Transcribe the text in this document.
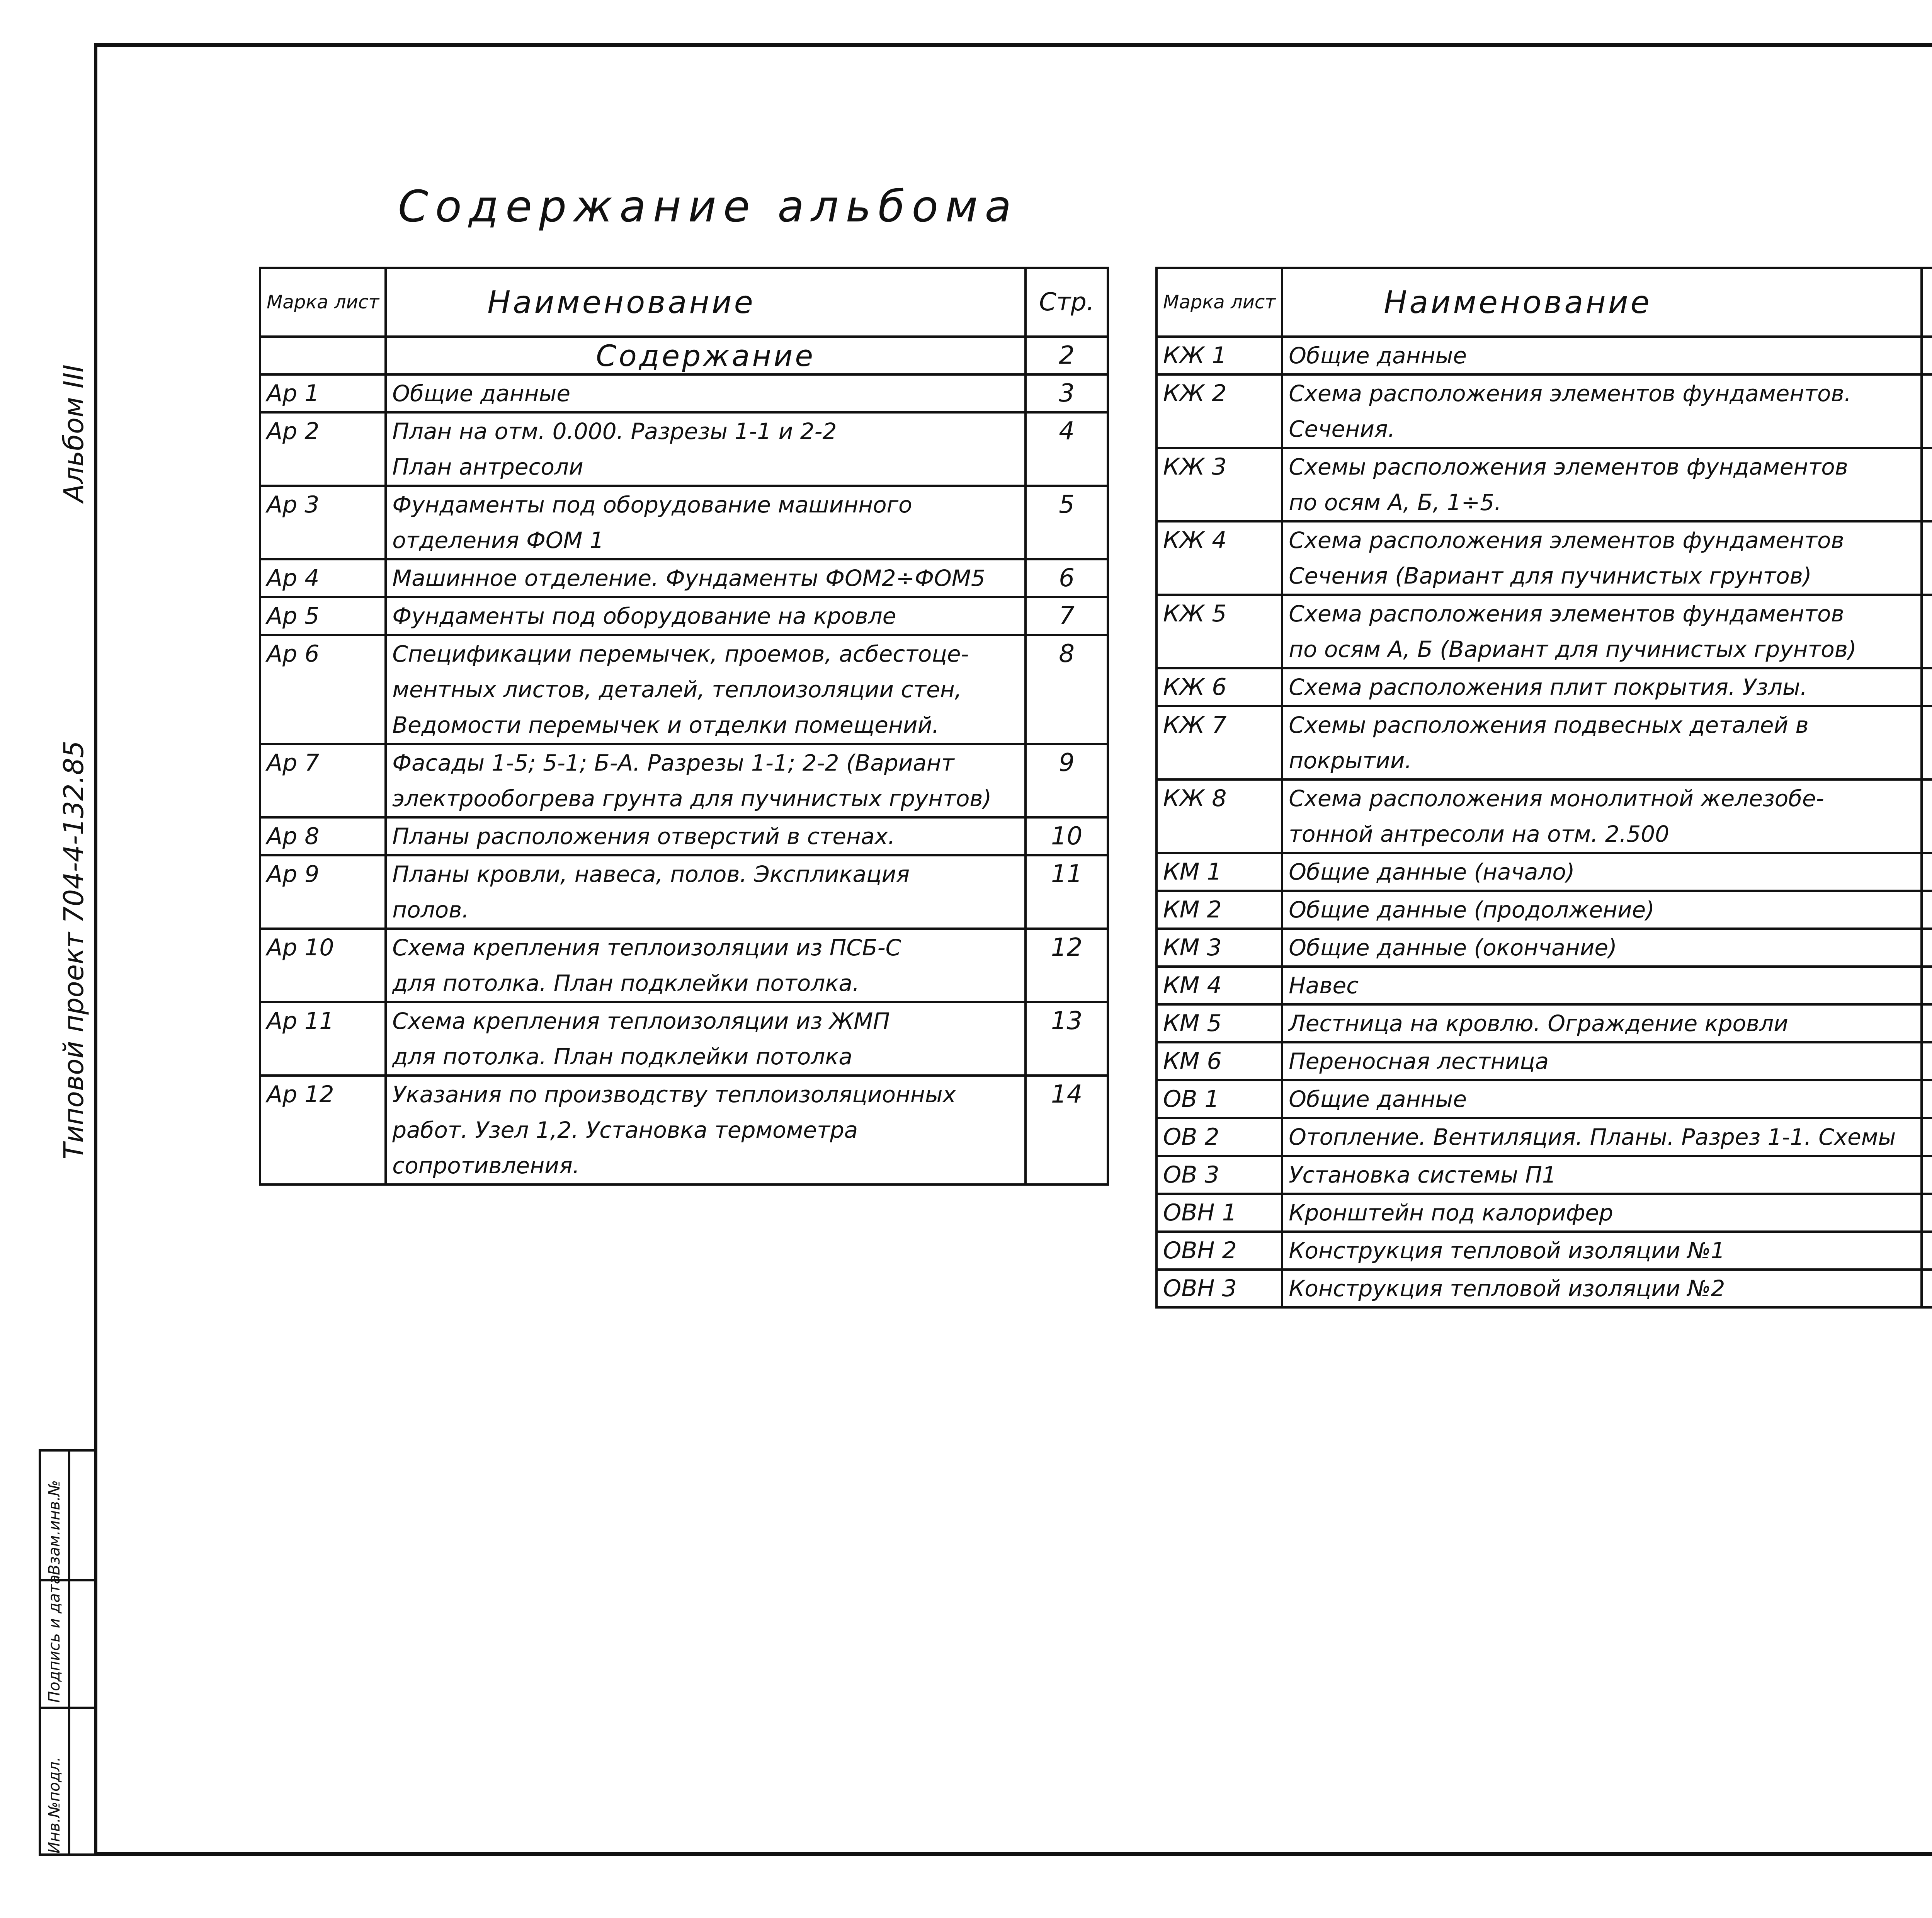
Содержание альбома
Альбом III
Типовой проект 704-4-132.85
Инв.№подл.
Подпись и дата
Взам.инв.№
Марка лист	Наименование	Стр.
	Содержание	2
Ар 1	Общие данные	3
Ар 2	План на отм. 0.000. Разрезы 1-1 и 2-2	4
	План антресоли	
Ар 3	Фундаменты под оборудование машинного	5
	отделения ФОМ 1	
Ар 4	Машинное отделение. Фундаменты ФОМ2÷ФОМ5	6
Ар 5	Фундаменты под оборудование на кровле	7
Ар 6	Спецификации перемычек, проемов, асбестоце-	8
	ментных листов, деталей, теплоизоляции стен,	
	Ведомости перемычек и отделки помещений.	
Ар 7	Фасады 1-5; 5-1; Б-А. Разрезы 1-1; 2-2 (Вариант	9
	электрообогрева грунта для пучинистых грунтов)	
Ар 8	Планы расположения отверстий в стенах.	10
Ар 9	Планы кровли, навеса, полов. Экспликация	11
	полов.	
Ар 10	Схема крепления теплоизоляции из ПСБ-С	12
	для потолка. План подклейки потолка.	
Ар 11	Схема крепления теплоизоляции из ЖМП	13
	для потолка. План подклейки потолка	
Ар 12	Указания по производству теплоизоляционных	14
	работ. Узел 1,2. Установка термометра	
	сопротивления.	
Марка лист	Наименование	
КЖ 1	Общие данные	
КЖ 2	Схема расположения элементов фундаментов.	
	Сечения.	
КЖ 3	Схемы расположения элементов фундаментов	
	по осям А, Б, 1÷5.	
КЖ 4	Схема расположения элементов фундаментов	
	Сечения (Вариант для пучинистых грунтов)	
КЖ 5	Схема расположения элементов фундаментов	
	по осям А, Б (Вариант для пучинистых грунтов)	
КЖ 6	Схема расположения плит покрытия. Узлы.	
КЖ 7	Схемы расположения подвесных деталей в	
	покрытии.	
КЖ 8	Схема расположения монолитной железобе-	
	тонной антресоли на отм. 2.500	
КМ 1	Общие данные (начало)	
КМ 2	Общие данные (продолжение)	
КМ 3	Общие данные (окончание)	
КМ 4	Навес	
КМ 5	Лестница на кровлю. Ограждение кровли	
КМ 6	Переносная лестница	
ОВ 1	Общие данные	
ОВ 2	Отопление. Вентиляция. Планы. Разрез 1-1. Схемы	
ОВ 3	Установка системы П1	
ОВН 1	Кронштейн под калорифер	
ОВН 2	Конструкция тепловой изоляции №1	
ОВН 3	Конструкция тепловой изоляции №2	
